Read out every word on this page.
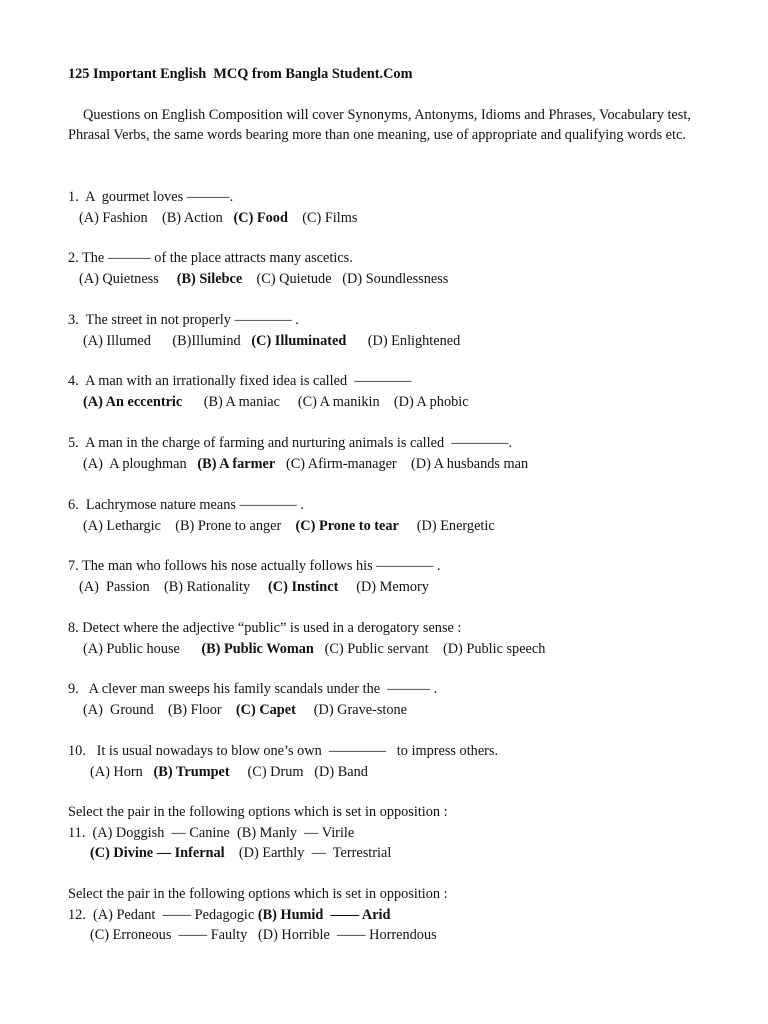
125 Important English  MCQ from Bangla Student.Com
Questions on English Composition will cover Synonyms, Antonyms, Idioms and Phrases, Vocabulary test, Phrasal Verbs, the same words bearing more than one meaning, use of appropriate and qualifying words etc.
1.  A  gourmet loves ———.
(A) Fashion (B) Action (C) Food (C) Films
2. The ——— of the place attracts many ascetics.
(A) Quietness (B) Silebce (C) Quietude (D) Soundlessness
3.  The street in not properly ———— .
(A) Illumed (B)Illumind (C) Illuminated (D) Enlightened
4.  A man with an irrationally fixed idea is called  ————
(A) An eccentric (B) A maniac (C) A manikin (D) A phobic
5.  A man in the charge of farming and nurturing animals is called  ————.
(A)  A ploughman (B) A farmer (C) Afirm-manager (D) A husbands man
6.  Lachrymose nature means ———— .
(A) Lethargic (B) Prone to anger (C) Prone to tear (D) Energetic
7. The man who follows his nose actually follows his ———— .
(A)  Passion (B) Rationality (C) Instinct (D) Memory
8. Detect where the adjective “public” is used in a derogatory sense :
(A) Public house (B) Public Woman (C) Public servant (D) Public speech
9.   A clever man sweeps his family scandals under the  ——— .
(A)  Ground (B) Floor (C) Capet (D) Grave-stone
10.   It is usual nowadays to blow one’s own  ————   to impress others.
(A) Horn (B) Trumpet (C) Drum (D) Band
Select the pair in the following options which is set in opposition :
11.  (A) Doggish  — Canine  (B) Manly  — Virile
(C) Divine — Infernal (D) Earthly  —  Terrestrial
Select the pair in the following options which is set in opposition :
12.  (A) Pedant  —— Pedagogic (B) Humid  —— Arid
(C) Erroneous  —— Faulty (D) Horrible  —— Horrendous
